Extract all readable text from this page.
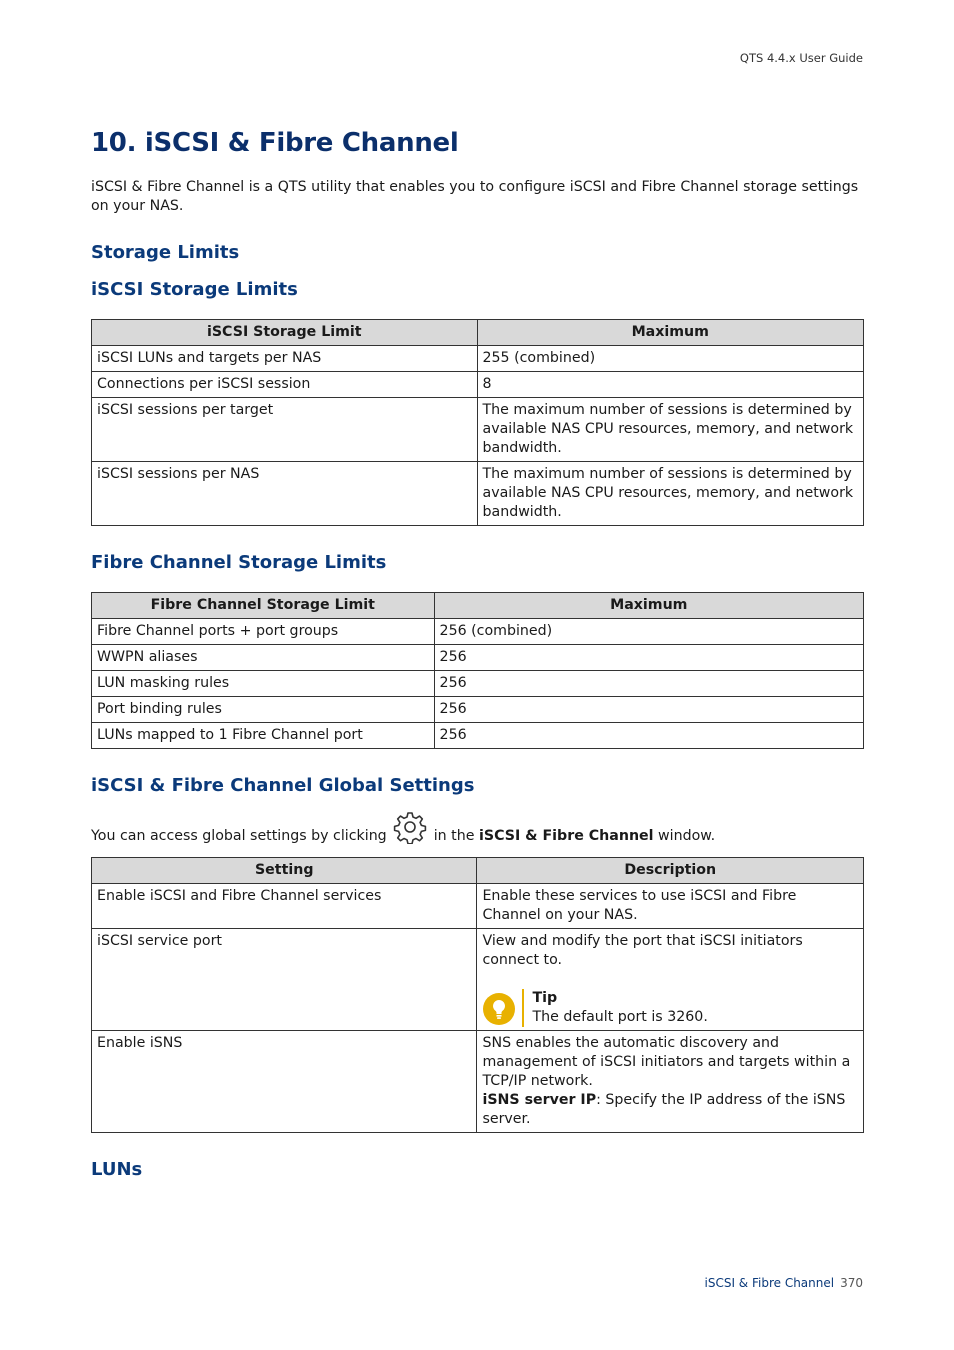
QTS 4.4.x User Guide
10. iSCSI & Fibre Channel

iSCSI & Fibre Channel is a QTS utility that enables you to configure iSCSI and Fibre Channel storage settings on your NAS.

Storage Limits
iSCSI Storage Limits
iSCSI Storage Limit	Maximum
iSCSI LUNs and targets per NAS	255 (combined)
Connections per iSCSI session	8
iSCSI sessions per target	The maximum number of sessions is determined by available NAS CPU resources, memory, and network bandwidth.
iSCSI sessions per NAS	The maximum number of sessions is determined by available NAS CPU resources, memory, and network bandwidth.
Fibre Channel Storage Limits
Fibre Channel Storage Limit	Maximum
Fibre Channel ports + port groups	256 (combined)
WWPN aliases	256
LUN masking rules	256
Port binding rules	256
LUNs mapped to 1 Fibre Channel port	256
iSCSI & Fibre Channel Global Settings

You can access global settings by clicking	in the iSCSI & Fibre Channel window.

Setting	Description
Enable iSCSI and Fibre Channel services	Enable these services to use iSCSI and Fibre Channel on your NAS.
iSCSI service port	View and modify the port that iSCSI initiators connect to.
Tip
The default port is 3260.

Enable iSNS	SNS enables the automatic discovery and management of iSCSI initiators and targets within a TCP/IP network.
iSNS server IP: Specify the IP address of the iSNS server.
LUNs
iSCSI & Fibre Channel 370
